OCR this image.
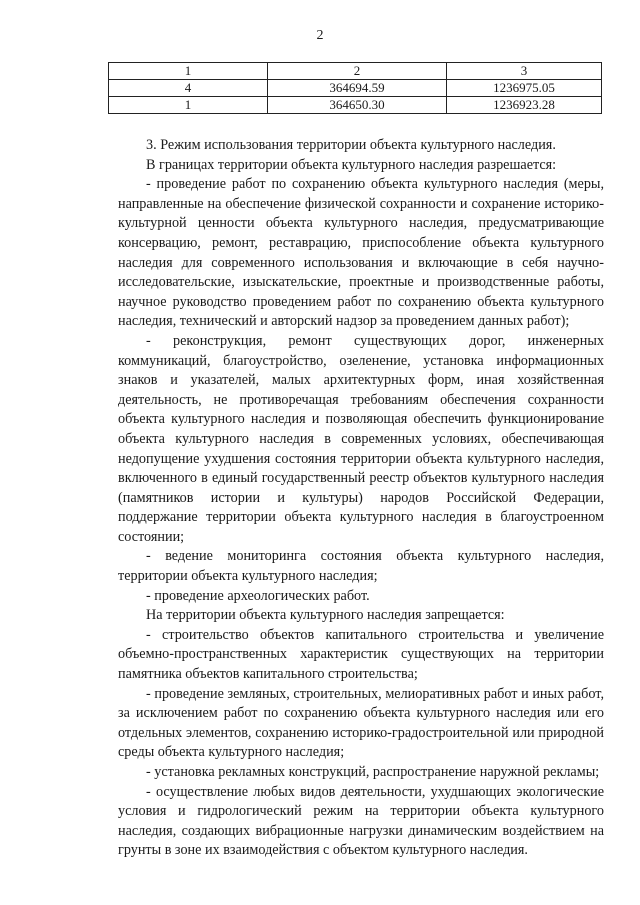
2
1	2	3
4	364694.59	1236975.05
1	364650.30	1236923.28

3. Режим использования территории объекта культурного наследия.

В границах территории объекта культурного наследия разрешается:

- проведение работ по сохранению объекта культурного наследия (меры, направленные на обеспечение физической сохранности и сохранение историко-культурной ценности объекта культурного наследия, предусматривающие консервацию, ремонт, реставрацию, приспособление объекта культурного наследия для современного использования и включающие в себя научно-исследовательские, изыскательские, проектные и производственные работы, научное руководство проведением работ по сохранению объекта культурного наследия, технический и авторский надзор за проведением данных работ);

- реконструкция, ремонт существующих дорог, инженерных коммуникаций, благоустройство, озеленение, установка информационных знаков и указателей, малых архитектурных форм, иная хозяйственная деятельность, не противоречащая требованиям обеспечения сохранности объекта культурного наследия и позволяющая обеспечить функционирование объекта культурного наследия в современных условиях, обеспечивающая недопущение ухудшения состояния территории объекта культурного наследия, включенного в единый государственный реестр объектов культурного наследия (памятников истории и культуры) народов Российской Федерации, поддержание территории объекта культурного наследия в благоустроенном состоянии;

- ведение мониторинга состояния объекта культурного наследия, территории объекта культурного наследия;

- проведение археологических работ.

На территории объекта культурного наследия запрещается:

- строительство объектов капитального строительства и увеличение объемно-пространственных характеристик существующих на территории памятника объектов капитального строительства;

- проведение земляных, строительных, мелиоративных работ и иных работ, за исключением работ по сохранению объекта культурного наследия или его отдельных элементов, сохранению историко-градостроительной или природной среды объекта культурного наследия;

- установка рекламных конструкций, распространение наружной рекламы;

- осуществление любых видов деятельности, ухудшающих экологические условия и гидрологический режим на территории объекта культурного наследия, создающих вибрационные нагрузки динамическим воздействием на грунты в зоне их взаимодействия с объектом культурного наследия.
